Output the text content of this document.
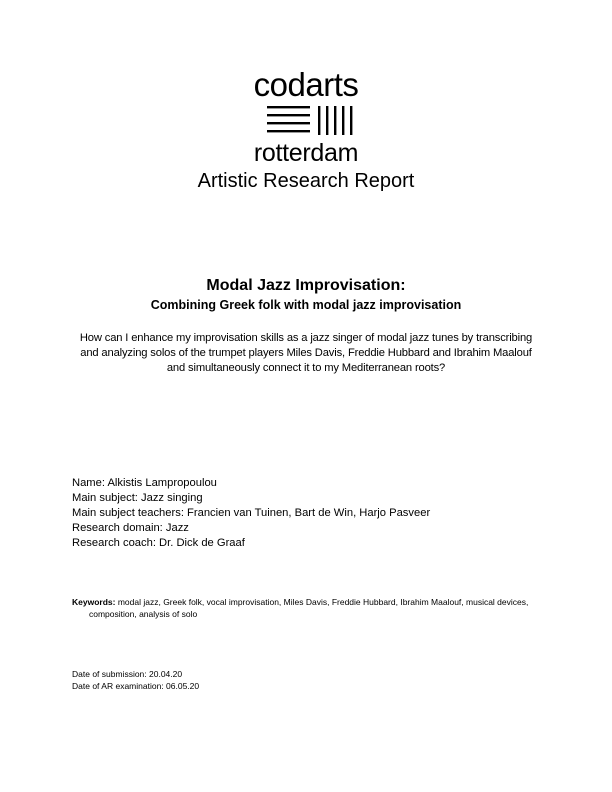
codarts
rotterdam
Artistic Research Report
Modal Jazz Improvisation:
Combining Greek folk with modal jazz improvisation
How can I enhance my improvisation skills as a jazz singer of modal jazz tunes by transcribing and analyzing solos of the trumpet players Miles Davis, Freddie Hubbard and Ibrahim Maalouf and simultaneously connect it to my Mediterranean roots?
Name: Alkistis Lampropoulou
Main subject: Jazz singing
Main subject teachers: Francien van Tuinen, Bart de Win, Harjo Pasveer
Research domain: Jazz
Research coach: Dr. Dick de Graaf
Keywords: modal jazz, Greek folk, vocal improvisation, Miles Davis, Freddie Hubbard, Ibrahim Maalouf, musical devices, composition, analysis of solo
Date of submission: 20.04.20
Date of AR examination: 06.05.20
